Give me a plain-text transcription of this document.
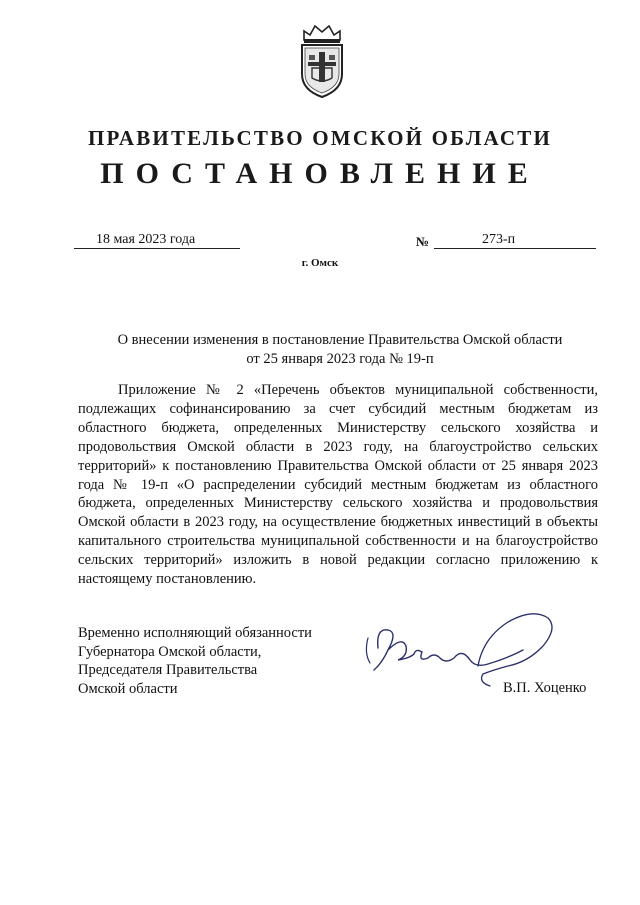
ПРАВИТЕЛЬСТВО ОМСКОЙ ОБЛАСТИ
ПОСТАНОВЛЕНИЕ
18 мая 2023 года	№	273-п
г. Омск
О внесении изменения в постановление Правительства Омской области
от 25 января 2023 года № 19-п
Приложение № 2 «Перечень объектов муниципальной собственности, подлежащих софинансированию за счет субсидий местным бюджетам из областного бюджета, определенных Министерству сельского хозяйства и продовольствия Омской области в 2023 году, на благоустройство сельских территорий» к постановлению Правительства Омской области от 25 января 2023 года № 19-п «О распределении субсидий местным бюджетам из областного бюджета, определенных Министерству сельского хозяйства и продовольствия Омской области в 2023 году, на осуществление бюджетных инвестиций в объекты капитального строительства муниципальной собственности и на благоустройство сельских территорий» изложить в новой редакции согласно приложению к настоящему постановлению.
Временно исполняющий обязанности
Губернатора Омской области,
Председателя Правительства
Омской области	В.П. Хоценко
